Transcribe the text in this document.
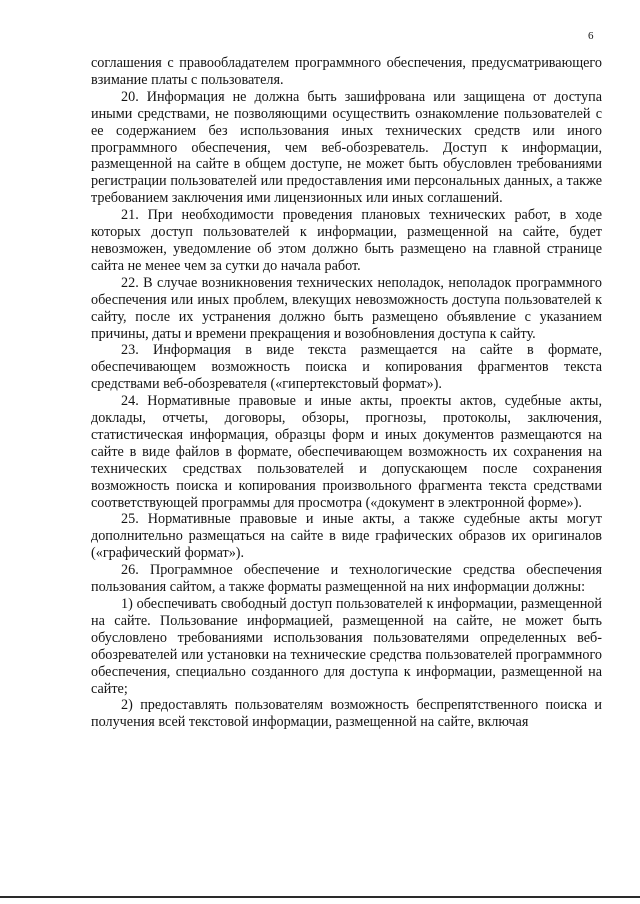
6

соглашения с правообладателем программного обеспечения, предусматривающего взимание платы с пользователя.

20. Информация не должна быть зашифрована или защищена от доступа иными средствами, не позволяющими осуществить ознакомление пользователей с ее содержанием без использования иных технических средств или иного программного обеспечения, чем веб-обозреватель. Доступ к информации, размещенной на сайте в общем доступе, не может быть обусловлен требованиями регистрации пользователей или предоставления ими персональных данных, а также требованием заключения ими лицензионных или иных соглашений.

21. При необходимости проведения плановых технических работ, в ходе которых доступ пользователей к информации, размещенной на сайте, будет невозможен, уведомление об этом должно быть размещено на главной странице сайта не менее чем за сутки до начала работ.

22. В случае возникновения технических неполадок, неполадок программного обеспечения или иных проблем, влекущих невозможность доступа пользователей к сайту, после их устранения должно быть размещено объявление с указанием причины, даты и времени прекращения и возобновления доступа к сайту.

23. Информация в виде текста размещается на сайте в формате, обеспечивающем возможность поиска и копирования фрагментов текста средствами веб-обозревателя («гипертекстовый формат»).

24. Нормативные правовые и иные акты, проекты актов, судебные акты, доклады, отчеты, договоры, обзоры, прогнозы, протоколы, заключения, статистическая информация, образцы форм и иных документов размещаются на сайте в виде файлов в формате, обеспечивающем возможность их сохранения на технических средствах пользователей и допускающем после сохранения возможность поиска и копирования произвольного фрагмента текста средствами соответствующей программы для просмотра («документ в электронной форме»).

25. Нормативные правовые и иные акты, а также судебные акты могут дополнительно размещаться на сайте в виде графических образов их оригиналов («графический формат»).

26. Программное обеспечение и технологические средства обеспечения пользования сайтом, а также форматы размещенной на них информации должны:

1) обеспечивать свободный доступ пользователей к информации, размещенной на сайте. Пользование информацией, размещенной на сайте, не может быть обусловлено требованиями использования пользователями определенных веб-обозревателей или установки на технические средства пользователей программного обеспечения, специально созданного для доступа к информации, размещенной на сайте;

2) предоставлять пользователям возможность беспрепятственного поиска и получения всей текстовой информации, размещенной на сайте, включая
